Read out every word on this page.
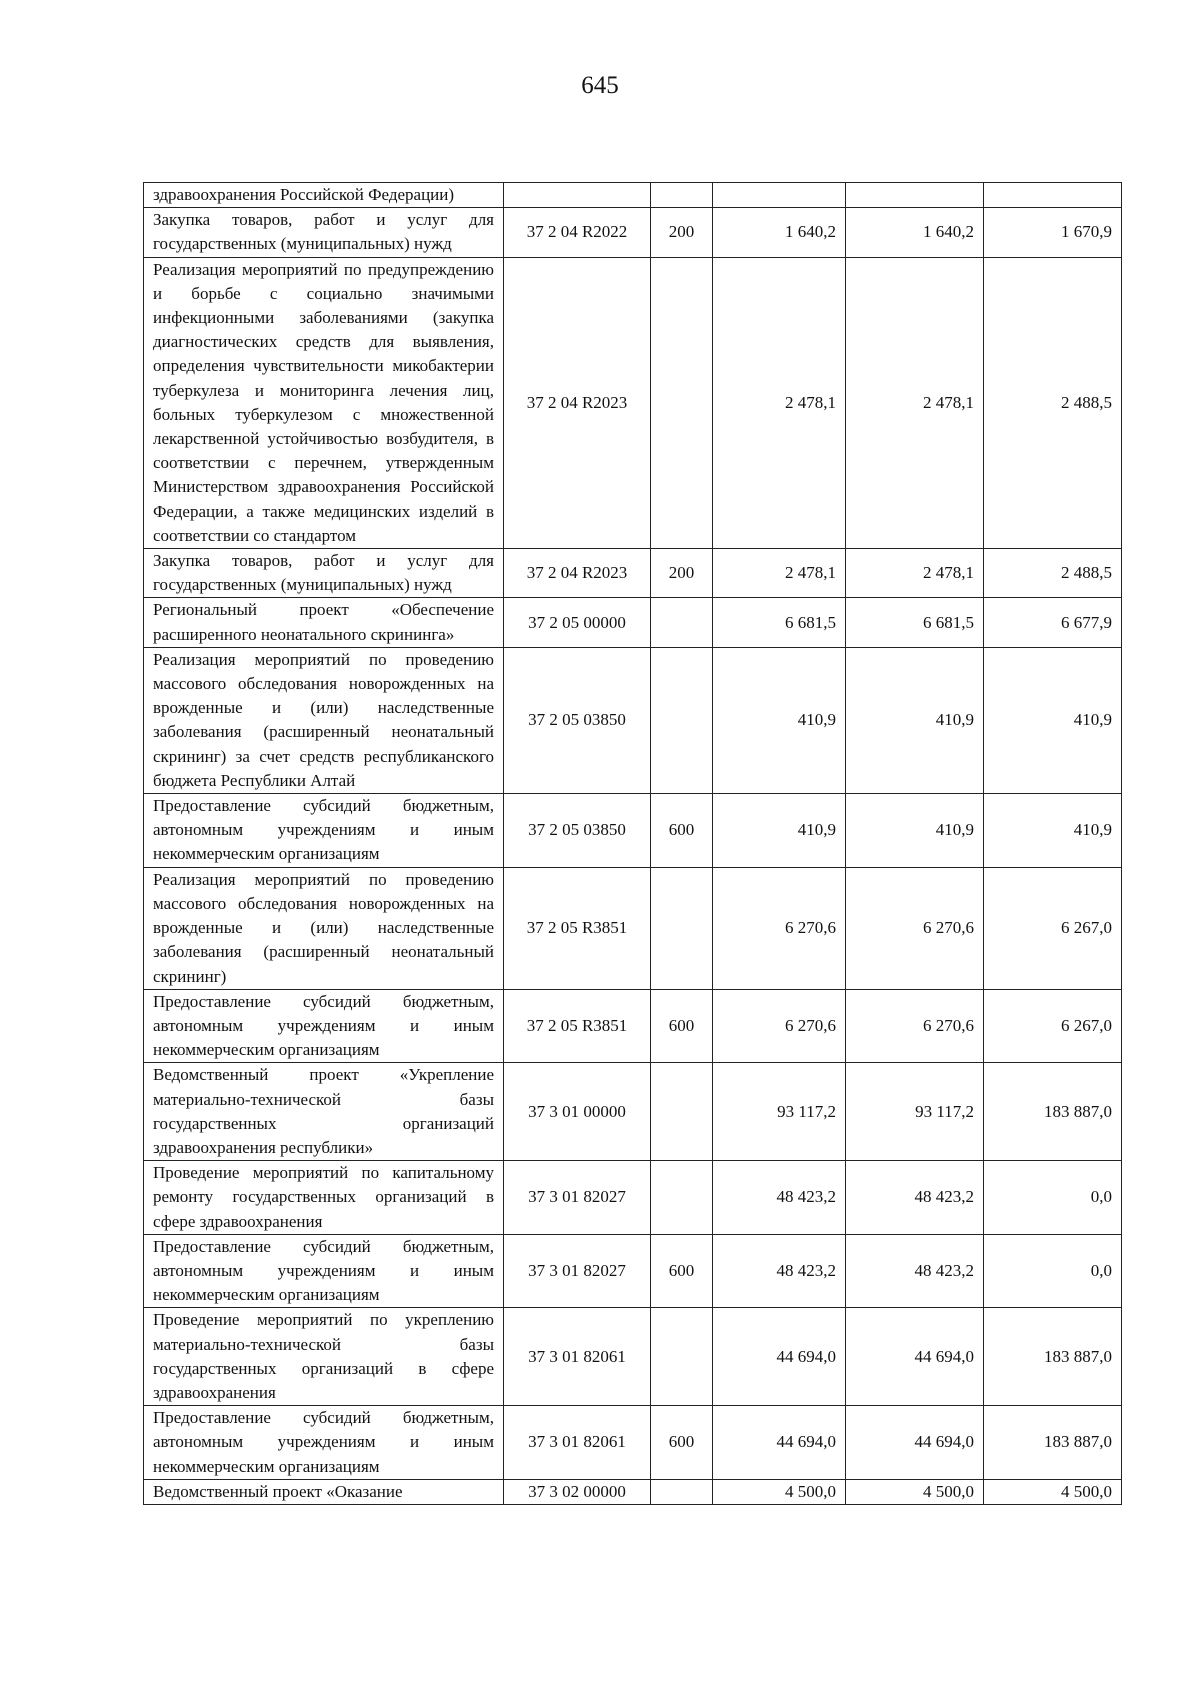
645
здравоохранения Российской Федерации)					
Закупка товаров, работ и услуг для государственных (муниципальных) нужд	37 2 04 R2022	200	1 640,2	1 640,2	1 670,9
Реализация мероприятий по предупреждению и борьбе с социально значимыми инфекционными заболеваниями (закупка диагностических средств для выявления, определения чувствительности микобактерии туберкулеза и мониторинга лечения лиц, больных туберкулезом с множественной лекарственной устойчивостью возбудителя, в соответствии с перечнем, утвержденным Министерством здравоохранения Российской Федерации, а также медицинских изделий в соответствии со стандартом	37 2 04 R2023		2 478,1	2 478,1	2 488,5
Закупка товаров, работ и услуг для государственных (муниципальных) нужд	37 2 04 R2023	200	2 478,1	2 478,1	2 488,5
Региональный проект «Обеспечение расширенного неонатального скрининга»	37 2 05 00000		6 681,5	6 681,5	6 677,9
Реализация мероприятий по проведению массового обследования новорожденных на врожденные и (или) наследственные заболевания (расширенный неонатальный скрининг) за счет средств республиканского бюджета Республики Алтай	37 2 05 03850		410,9	410,9	410,9
Предоставление субсидий бюджетным, автономным учреждениям и иным некоммерческим организациям	37 2 05 03850	600	410,9	410,9	410,9
Реализация мероприятий по проведению массового обследования новорожденных на врожденные и (или) наследственные заболевания (расширенный неонатальный скрининг)	37 2 05 R3851		6 270,6	6 270,6	6 267,0
Предоставление субсидий бюджетным, автономным учреждениям и иным некоммерческим организациям	37 2 05 R3851	600	6 270,6	6 270,6	6 267,0
Ведомственный проект «Укрепление материально-технической базы государственных организаций здравоохранения республики»	37 3 01 00000		93 117,2	93 117,2	183 887,0
Проведение мероприятий по капитальному ремонту государственных организаций в сфере здравоохранения	37 3 01 82027		48 423,2	48 423,2	0,0
Предоставление субсидий бюджетным, автономным учреждениям и иным некоммерческим организациям	37 3 01 82027	600	48 423,2	48 423,2	0,0
Проведение мероприятий по укреплению материально-технической базы государственных организаций в сфере здравоохранения	37 3 01 82061		44 694,0	44 694,0	183 887,0
Предоставление субсидий бюджетным, автономным учреждениям и иным некоммерческим организациям	37 3 01 82061	600	44 694,0	44 694,0	183 887,0
Ведомственный проект «Оказание	37 3 02 00000		4 500,0	4 500,0	4 500,0
